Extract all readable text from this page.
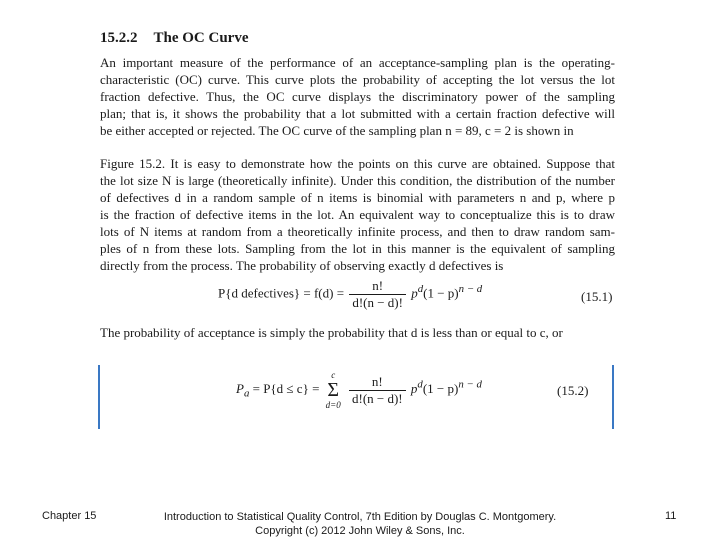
15.2.2 The OC Curve
An important measure of the performance of an acceptance-sampling plan is the operating-
characteristic (OC) curve. This curve plots the probability of accepting the lot versus the lot
fraction defective. Thus, the OC curve displays the discriminatory power of the sampling
plan; that is, it shows the probability that a lot submitted with a certain fraction defective will
be either accepted or rejected. The OC curve of the sampling plan n = 89, c = 2 is shown in
Figure 15.2. It is easy to demonstrate how the points on this curve are obtained. Suppose that
the lot size N is large (theoretically infinite). Under this condition, the distribution of the number
of defectives d in a random sample of n items is binomial with parameters n and p, where p
is the fraction of defective items in the lot. An equivalent way to conceptualize this is to draw
lots of N items at random from a theoretically infinite process, and then to draw random sam-
ples of n from these lots. Sampling from the lot in this manner is the equivalent of sampling
directly from the process. The probability of observing exactly d defectives is
P{d defectives} = $f(d) = \frac{n!}{d!(n - d)!} p^d(1 - p)^{n - d}$	(15.1)
The probability of acceptance is simply the probability that d is less than or equal to c, or
$P_a = P\{d \le c\}$ =
c
Σ
d=0
$\frac{n!}{d!(n - d)!} p^d(1 - p)^{n - d}$	(15.2)
Chapter 15	Introduction to Statistical Quality Control, 7th Edition by Douglas C. Montgomery.
Copyright (c) 2012 John Wiley & Sons, Inc.
11
